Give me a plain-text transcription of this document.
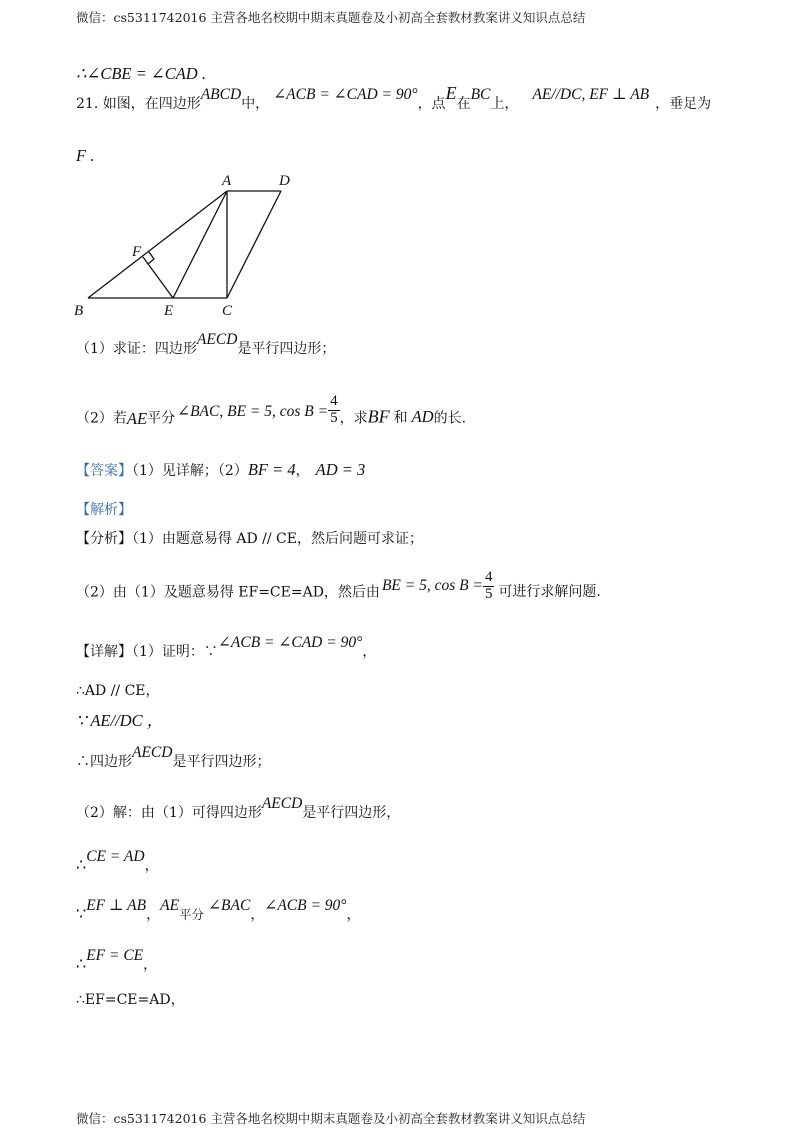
微信：cs5311742016 主营各地名校期中期末真题卷及小初高全套教材教案讲义知识点总结
∴∠CBE = ∠CAD .
21. 如图，在四边形ABCD中，∠ACB = ∠CAD = 90°，点E在BC上，AE//DC, EF ⊥ AB，垂足为
F .
A	D
F
B	E	C
（1）求证：四边形AECD是平行四边形；
（2）若AE平分 ∠BAC, BE = 5, $\cos B = \frac{4}{5}$ ，求BF 和 AD的长.
【答案】（1）见详解；（2）BF = 4， AD = 3
【解析】
【分析】（1）由题意易得 AD // CE，然后问题可求证；
（2）由（1）及题意易得 EF=CE=AD，然后由 BE = 5, $\cos B = \frac{4}{5}$ 可进行求解问题.
【详解】（1）证明：∵∠ACB = ∠CAD = 90°，
∴AD // CE，
∵ AE//DC ，
∴四边形AECD是平行四边形；
（2）解：由（1）可得四边形AECD是平行四边形，
∴CE = AD，
∵EF ⊥ AB，AE平分∠BAC，∠ACB = 90°，
∴EF = CE，
∴EF=CE=AD，
微信：cs5311742016 主营各地名校期中期末真题卷及小初高全套教材教案讲义知识点总结
